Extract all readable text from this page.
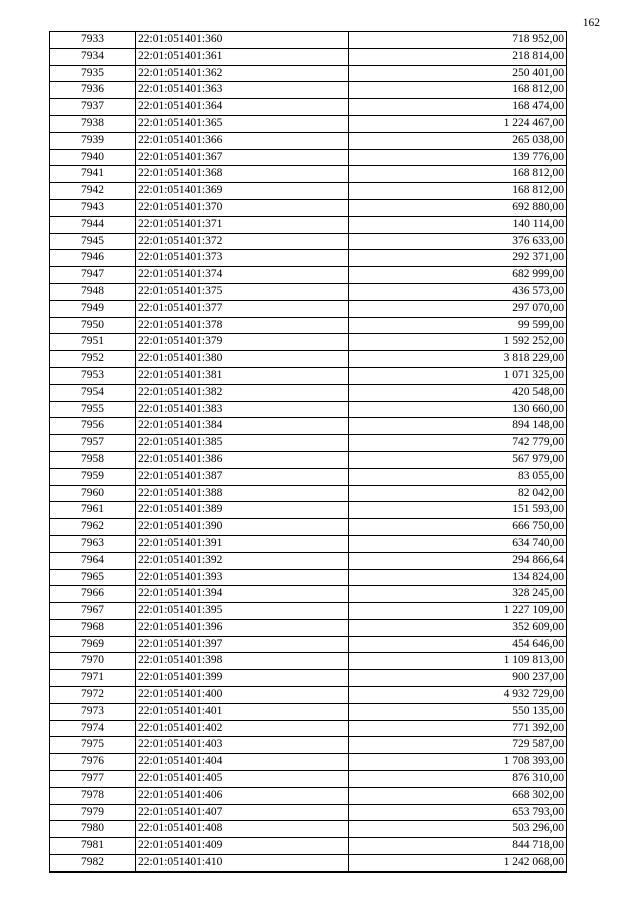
162
7933	22:01:051401:360	718 952,00
7934	22:01:051401:361	218 814,00
7935	22:01:051401:362	250 401,00
7936	22:01:051401:363	168 812,00
7937	22:01:051401:364	168 474,00
7938	22:01:051401:365	1 224 467,00
7939	22:01:051401:366	265 038,00
7940	22:01:051401:367	139 776,00
7941	22:01:051401:368	168 812,00
7942	22:01:051401:369	168 812,00
7943	22:01:051401:370	692 880,00
7944	22:01:051401:371	140 114,00
7945	22:01:051401:372	376 633,00
7946	22:01:051401:373	292 371,00
7947	22:01:051401:374	682 999,00
7948	22:01:051401:375	436 573,00
7949	22:01:051401:377	297 070,00
7950	22:01:051401:378	99 599,00
7951	22:01:051401:379	1 592 252,00
7952	22:01:051401:380	3 818 229,00
7953	22:01:051401:381	1 071 325,00
7954	22:01:051401:382	420 548,00
7955	22:01:051401:383	130 660,00
7956	22:01:051401:384	894 148,00
7957	22:01:051401:385	742 779,00
7958	22:01:051401:386	567 979,00
7959	22:01:051401:387	83 055,00
7960	22:01:051401:388	82 042,00
7961	22:01:051401:389	151 593,00
7962	22:01:051401:390	666 750,00
7963	22:01:051401:391	634 740,00
7964	22:01:051401:392	294 866,64
7965	22:01:051401:393	134 824,00
7966	22:01:051401:394	328 245,00
7967	22:01:051401:395	1 227 109,00
7968	22:01:051401:396	352 609,00
7969	22:01:051401:397	454 646,00
7970	22:01:051401:398	1 109 813,00
7971	22:01:051401:399	900 237,00
7972	22:01:051401:400	4 932 729,00
7973	22:01:051401:401	550 135,00
7974	22:01:051401:402	771 392,00
7975	22:01:051401:403	729 587,00
7976	22:01:051401:404	1 708 393,00
7977	22:01:051401:405	876 310,00
7978	22:01:051401:406	668 302,00
7979	22:01:051401:407	653 793,00
7980	22:01:051401:408	503 296,00
7981	22:01:051401:409	844 718,00
7982	22:01:051401:410	1 242 068,00
